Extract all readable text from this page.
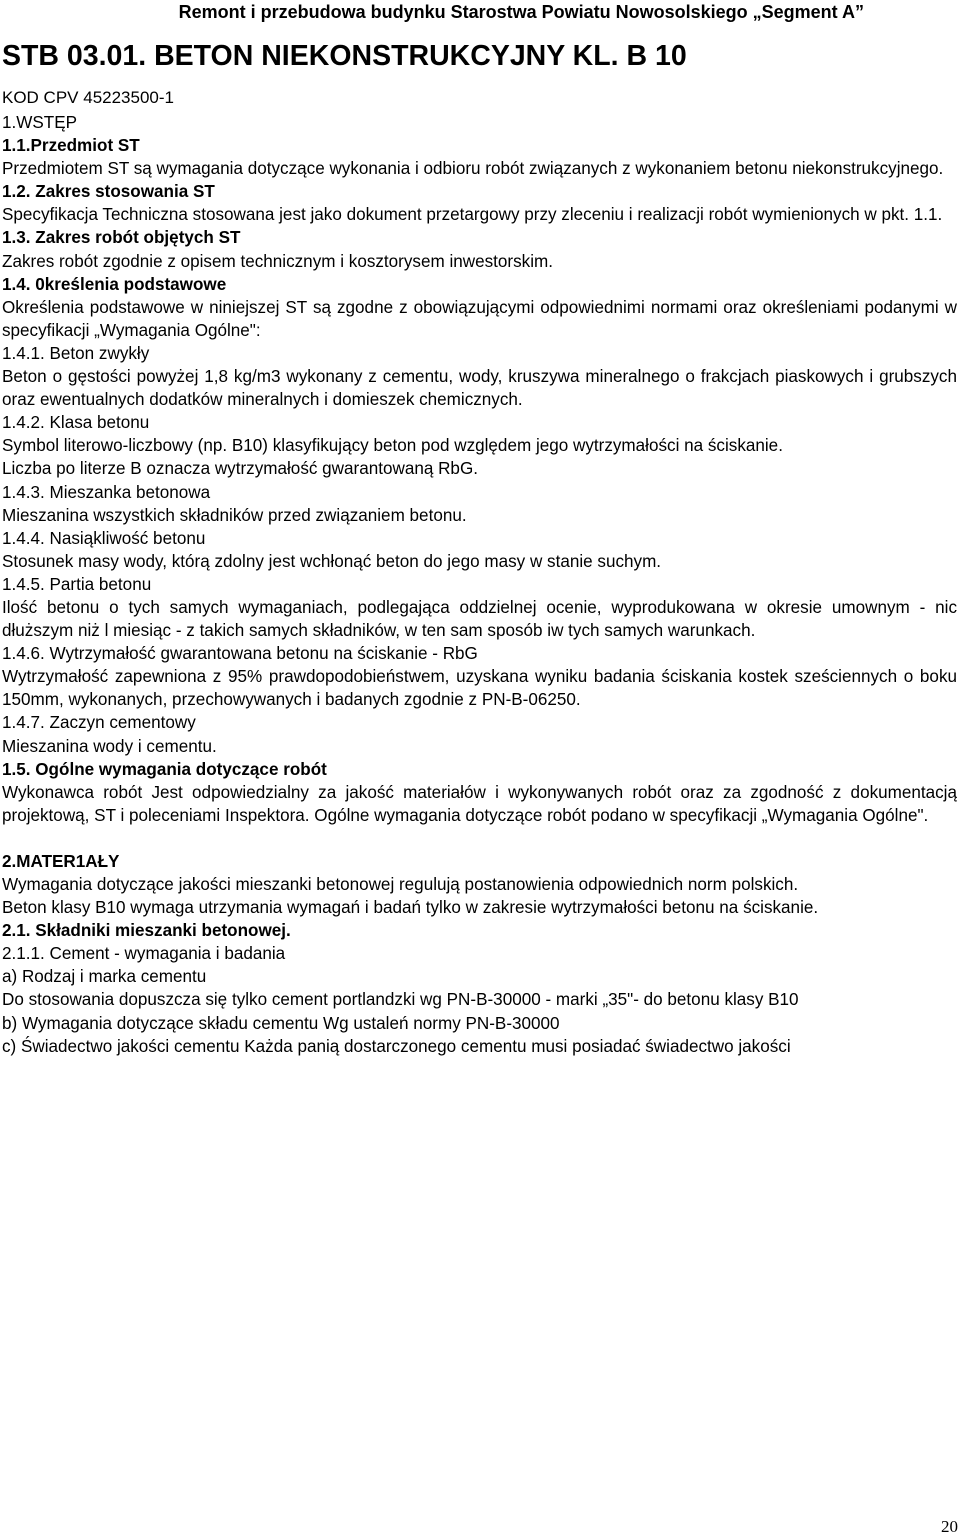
Remont i przebudowa budynku Starostwa Powiatu Nowosolskiego „Segment A”
STB 03.01. BETON NIEKONSTRUKCYJNY KL. B 10
KOD CPV 45223500-1

1.WSTĘP

1.1.Przedmiot ST

Przedmiotem ST są wymagania dotyczące wykonania i odbioru robót związanych z wykonaniem betonu niekonstrukcyjnego.

1.2. Zakres stosowania ST

Specyfikacja Techniczna stosowana jest jako dokument przetargowy przy zleceniu i realizacji robót wymienionych w pkt. 1.1.

1.3. Zakres robót objętych ST

Zakres robót zgodnie z opisem technicznym i kosztorysem inwestorskim.

1.4. 0kreślenia podstawowe

Określenia podstawowe w niniejszej ST są zgodne z obowiązującymi odpowiednimi normami oraz określeniami podanymi w specyfikacji „Wymagania Ogólne":

1.4.1. Beton zwykły

Beton o gęstości powyżej 1,8 kg/m3 wykonany z cementu, wody, kruszywa mineralnego o frakcjach piaskowych i grubszych oraz ewentualnych dodatków mineralnych i domieszek chemicznych.

1.4.2. Klasa betonu

Symbol literowo-liczbowy (np. B10) klasyfikujący beton pod względem jego wytrzymałości na ściskanie.

Liczba po literze B oznacza wytrzymałość gwarantowaną RbG.

1.4.3. Mieszanka betonowa

Mieszanina wszystkich składników przed związaniem betonu.

1.4.4. Nasiąkliwość betonu

Stosunek masy wody, którą zdolny jest wchłonąć beton do jego masy w stanie suchym.

1.4.5. Partia betonu

Ilość betonu o tych samych wymaganiach, podlegająca oddzielnej ocenie, wyprodukowana w okresie umownym - nic dłuższym niż l miesiąc - z takich samych składników, w ten sam sposób iw tych samych warunkach.

1.4.6. Wytrzymałość gwarantowana betonu na ściskanie - RbG

Wytrzymałość zapewniona z 95% prawdopodobieństwem, uzyskana wyniku badania ściskania kostek sześciennych o boku 150mm, wykonanych, przechowywanych i badanych zgodnie z PN-B-06250.

1.4.7. Zaczyn cementowy

Mieszanina wody i cementu.

1.5. Ogólne wymagania dotyczące robót

Wykonawca robót Jest odpowiedzialny za jakość materiałów i wykonywanych robót oraz za zgodność z dokumentacją projektową, ST i poleceniami Inspektora. Ogólne wymagania dotyczące robót podano w specyfikacji „Wymagania Ogólne".

2.MATER1AŁY

Wymagania dotyczące jakości mieszanki betonowej regulują postanowienia odpowiednich norm polskich.

Beton klasy B10 wymaga utrzymania wymagań i badań tylko w zakresie wytrzymałości betonu na ściskanie.

2.1. Składniki mieszanki betonowej.

2.1.1. Cement - wymagania i badania

a) Rodzaj i marka cementu

Do stosowania dopuszcza się tylko cement portlandzki wg PN-B-30000 - marki „35"- do betonu klasy B10

b) Wymagania dotyczące składu cementu Wg ustaleń normy PN-B-30000

c) Świadectwo jakości cementu Każda panią dostarczonego cementu musi posiadać świadectwo jakości

20
